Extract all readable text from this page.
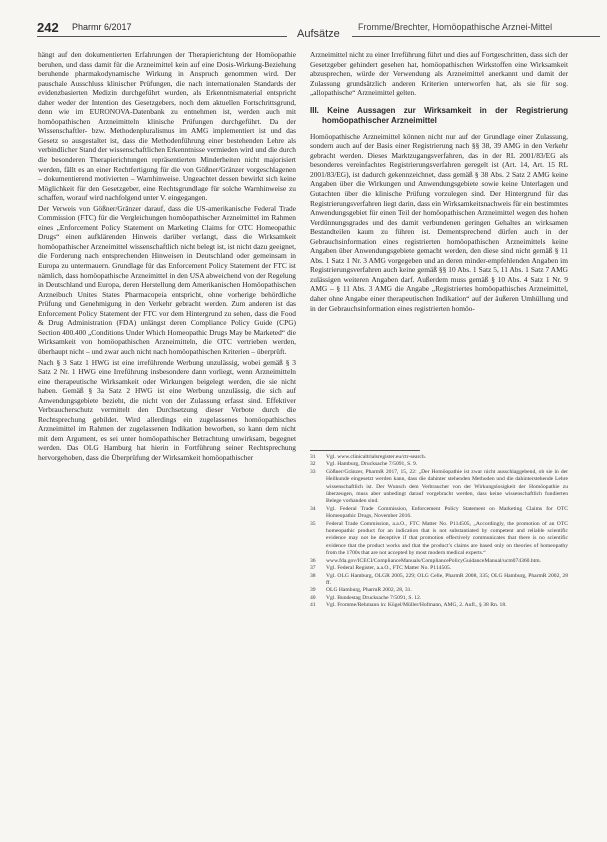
242 Pharmr 6/2017
Aufsätze
Fromme/Brechter, Homöopathische Arznei-Mittel

hängt auf den dokumentierten Erfahrungen der Therapierichtung der Homöopathie beruhen, und dass damit für die Arzneimittel kein auf eine Dosis-Wirkung-Beziehung beruhende pharmakodynamische Wirkung in Anspruch genommen wird. Der pauschale Ausschluss klinischer Prüfungen, die nach internationalen Standards der evidenzbasierten Medizin durchgeführt wurden, als Erkenntnismaterial entspricht daher weder der Intention des Gesetzgebers, noch dem aktuellen Fortschrittsgrund, denn wie im EURONOVA-Datenbank zu entnehmen ist, werden auch mit homöopathischen Arzneimitteln klinische Prüfungen durchgeführt. Da der Wissenschaftler- bzw. Methodenpluralismus im AMG implementiert ist und das Gesetz so ausgestaltet ist, dass die Methodenführung einer bestehenden Lehre als verbindlicher Stand der wissenschaftlichen Erkenntnisse vermieden wird und die durch die besonderen Therapierichtungen repräsentierten Minderheiten nicht majorisiert werden, fällt es an einer Rechtfertigung für die von Gößner/Gränzer vorgeschlagenen – dokumentierend motivierten – Warnhinweise. Ungeachtet dessen bewirkt sich keine Möglichkeit für den Gesetzgeber, eine Rechtsgrundlage für solche Warnhinweise zu schaffen, worauf wird nachfolgend unter V. eingegangen.

Der Verweis von Gößner/Gränzer darauf, dass die US-amerikanische Federal Trade Commission (FTC) für die Vergleichungen homöopathischer Arzneimittel im Rahmen eines „Enforcement Policy Statement on Marketing Claims for OTC Homeopathic Drugs“ einen aufklärenden Hinweis darüber verlangt, dass die Wirksamkeit homöopathischer Arzneimittel wissenschaftlich nicht belegt ist, ist nicht dazu geeignet, die Forderung nach entsprechenden Hinweisen in Deutschland oder gemeinsam in Europa zu untermauern. Grundlage für das Enforcement Policy Statement der FTC ist nämlich, dass homöopathische Arzneimittel in den USA abweichend von der Regelung in Deutschland und Europa, deren Herstellung dem Amerikanischen Homöopathischen Arzneibuch Unites States Pharmacopeia entspricht, ohne vorherige behördliche Prüfung und Genehmigung in den Verkehr gebracht werden. Zum anderen ist das Enforcement Policy Statement der FTC vor dem Hintergrund zu sehen, dass die Food & Drug Administration (FDA) unlängst deren Compliance Policy Guide (CPG) Section 400.400 „Conditions Under Which Homeopathic Drugs May be Marketed“ die Wirksamkeit von homöopathischen Arzneimitteln, die OTC vertrieben werden, überhaupt nicht – und zwar auch nicht nach homöopathischen Kriterien – überprüft.

Nach § 3 Satz 1 HWG ist eine irreführende Werbung unzulässig, wobei gemäß § 3 Satz 2 Nr. 1 HWG eine Irreführung insbesondere dann vorliegt, wenn Arzneimitteln eine therapeutische Wirksamkeit oder Wirkungen beigelegt werden, die sie nicht haben. Gemäß § 3a Satz 2 HWG ist eine Werbung unzulässig, die sich auf Anwendungsgebiete bezieht, die nicht von der Zulassung erfasst sind. Effektiver Verbraucherschutz vermittelt den Durchsetzung dieser Verbote durch die Rechtsprechung gebildet. Wird allerdings ein zugelassenes homöopathisches Arzneimittel im Rahmen der zugelassenen Indikation beworben, so kann dem nicht mit dem Argument, es sei unter homöopathischer Betrachtung unwirksam, begegnet werden. Das OLG Hamburg hat hierin in Fortführung seiner Rechtsprechung hervorgehoben, dass die Überprüfung der Wirksamkeit homöopathischer

Arzneimittel nicht zu einer Irreführung führt und dies auf Fortgeschritten, dass sich der Gesetzgeber gehindert gesehen hat, homöopathischen Wirkstoffen eine Wirksamkeit abzusprechen, würde der Verwendung als Arzneimittel anerkannt und damit der Zulassung grundsätzlich anderen Kriterien unterworfen hat, als sie für sog. „allopathische“ Arzneimittel gelten.

III. Keine Aussagen zur Wirksamkeit in der Registrierung homöopathischer Arzneimittel

Homöopathische Arzneimittel können nicht nur auf der Grundlage einer Zulassung, sondern auch auf der Basis einer Registrierung nach §§ 38, 39 AMG in den Verkehr gebracht werden. Dieses Marktzugangsverfahren, das in der RL 2001/83/EG als besonderes vereinfachtes Registrierungsverfahren geregelt ist (Art. 14, Art. 15 RL 2001/83/EG), ist dadurch gekennzeichnet, dass gemäß § 38 Abs. 2 Satz 2 AMG keine Angaben über die Wirkungen und Anwendungsgebiete sowie keine Unterlagen und Gutachten über die klinische Prüfung vorzulegen sind. Der Hintergrund für das Registrierungsverfahren liegt darin, dass ein Wirksamkeitsnachweis für ein bestimmtes Anwendungsgebiet für einen Teil der homöopathischen Arzneimittel wegen des hohen Verdünnungsgrades und des damit verbundenen geringen Gehaltes an wirksamen Bestandteilen kaum zu führen ist. Dementsprechend dürfen auch in der Gebrauchsinformation eines registrierten homöopathischen Arzneimittels keine Angaben über Anwendungsgebiete gemacht werden, den diese sind nicht gemäß § 11 Abs. 1 Satz 1 Nr. 3 AMG vorgegeben und an deren minder-empfehlenden Angaben im Registrierungsverfahren auch keine gemäß §§ 10 Abs. 1 Satz 5, 11 Abs. 1 Satz 7 AMG zulässigen weiteren Angaben darf. Außerdem muss gemäß § 10 Abs. 4 Satz 1 Nr. 9 AMG – § 11 Abs. 3 AMG die Angabe „Registriertes homöopathisches Arzneimittel, daher ohne Angabe einer therapeutischen Indikation“ auf der äußeren Umhüllung und in der Gebrauchsinformation eines registrierten homöo-

31	Vgl. www.clinicaltrialsregister.eu/ctr-search.
32	Vgl. Hamburg, Drucksache 7/5091, S. 9.
33	Gößner/Gränzer, PharmR 2017, 15, 22: „Der Homöopathie ist zwar nicht ausschlaggebend, ob sie in der Heilkunde eingesetzt werden kann, dass die dahinter stehenden Methoden und die dahinterstehende Lehre wissenschaftlich ist. Der Wunsch dem Verbraucher von der Wirkungslosigkeit der Homöopathie zu überzeugen, muss aber unbedingt darauf vorgebracht werden, dass keine wissenschaftlich fundierten Belege vorhanden sind.
34	Vgl. Federal Trade Commission, Enforcement Policy Statement on Marketing Claims for OTC Homeopathic Drugs, November 2016.
35	Federal Trade Commission, a.a.O., FTC Matter No. P114505, „Accordingly, the promotion of an OTC homeopathic product for an indication that is not substantiated by competent and reliable scientific evidence may not be deceptive if that promotion effectively communicates that there is no scientific evidence that the product works and that the product’s claims are based only on theories of homeopathy from the 1700s that are not accepted by most modern medical experts.“
36	www.fda.gov/ICECI/ComplianceManuals/CompliancePolicyGuidanceManual/ucm074360.htm.
37	Vgl. Federal Register, a.a.O., FTC Matter No. P114505.
38	Vgl. OLG Hamburg, OLGR 2005, 229; OLG Celle, PharmR 2008, 335; OLG Hamburg, PharmR 2002, 28 ff.
39	OLG Hamburg, PharmR 2002, 28, 31.
40	Vgl. Bundestag Drucksache 7/5091, S. 12.
41	Vgl. Fromme/Rehmann in: Kügel/Müller/Hofmann, AMG, 2. Aufl., § 38 Rn. 18.
